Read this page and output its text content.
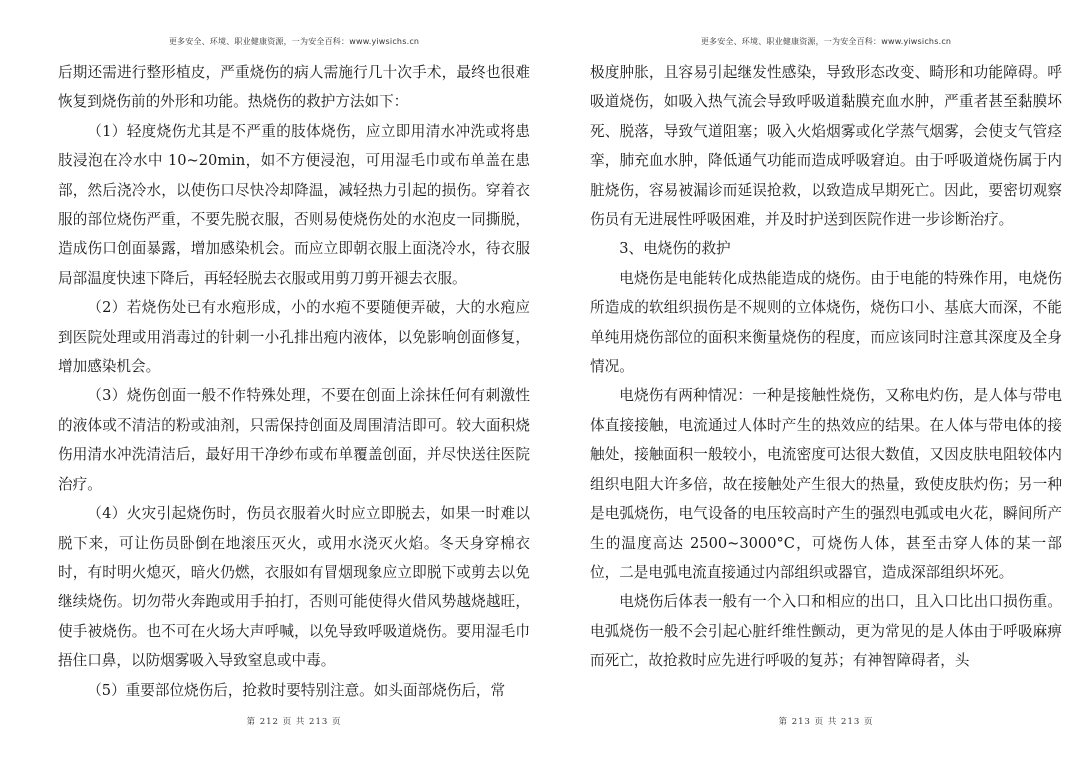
更多安全、环境、职业健康资源，一为安全百科：www.yiwsichs.cn

后期还需进行整形植皮，严重烧伤的病人需施行几十次手术，最终也很难恢复到烧伤前的外形和功能。热烧伤的救护方法如下：

（1）轻度烧伤尤其是不严重的肢体烧伤，应立即用清水冲洗或将患肢浸泡在冷水中 10~20min，如不方便浸泡，可用湿毛巾或布单盖在患部，然后浇冷水，以使伤口尽快冷却降温，减轻热力引起的损伤。穿着衣服的部位烧伤严重，不要先脱衣服，否则易使烧伤处的水泡皮一同撕脱，造成伤口创面暴露，增加感染机会。而应立即朝衣服上面浇冷水，待衣服局部温度快速下降后，再轻轻脱去衣服或用剪刀剪开褪去衣服。

（2）若烧伤处已有水疱形成，小的水疱不要随便弄破，大的水疱应到医院处理或用消毒过的针刺一小孔排出疱内液体，以免影响创面修复，增加感染机会。

（3）烧伤创面一般不作特殊处理，不要在创面上涂抹任何有刺激性的液体或不清洁的粉或油剂，只需保持创面及周围清洁即可。较大面积烧伤用清水冲洗清洁后，最好用干净纱布或布单覆盖创面，并尽快送往医院治疗。

（4）火灾引起烧伤时，伤员衣服着火时应立即脱去，如果一时难以脱下来，可让伤员卧倒在地滚压灭火，或用水浇灭火焰。冬天身穿棉衣时，有时明火熄灭，暗火仍燃，衣服如有冒烟现象应立即脱下或剪去以免继续烧伤。切勿带火奔跑或用手拍打，否则可能使得火借风势越烧越旺，使手被烧伤。也不可在火场大声呼喊，以免导致呼吸道烧伤。要用湿毛巾捂住口鼻，以防烟雾吸入导致窒息或中毒。

（5）重要部位烧伤后，抢救时要特别注意。如头面部烧伤后，常

第 212 页 共 213 页
更多安全、环境、职业健康资源，一为安全百科：www.yiwsichs.cn

极度肿胀，且容易引起继发性感染，导致形态改变、畸形和功能障碍。呼吸道烧伤，如吸入热气流会导致呼吸道黏膜充血水肿，严重者甚至黏膜坏死、脱落，导致气道阻塞；吸入火焰烟雾或化学蒸气烟雾，会使支气管痉挛，肺充血水肿，降低通气功能而造成呼吸窘迫。由于呼吸道烧伤属于内脏烧伤，容易被漏诊而延误抢救，以致造成早期死亡。因此，要密切观察伤员有无进展性呼吸困难，并及时护送到医院作进一步诊断治疗。

3、电烧伤的救护

电烧伤是电能转化成热能造成的烧伤。由于电能的特殊作用，电烧伤所造成的软组织损伤是不规则的立体烧伤，烧伤口小、基底大而深，不能单纯用烧伤部位的面积来衡量烧伤的程度，而应该同时注意其深度及全身情况。

电烧伤有两种情况：一种是接触性烧伤，又称电灼伤，是人体与带电体直接接触，电流通过人体时产生的热效应的结果。在人体与带电体的接触处，接触面积一般较小，电流密度可达很大数值，又因皮肤电阻较体内组织电阻大许多倍，故在接触处产生很大的热量，致使皮肤灼伤；另一种是电弧烧伤，电气设备的电压较高时产生的强烈电弧或电火花，瞬间所产生的温度高达 2500~3000°C，可烧伤人体，甚至击穿人体的某一部位，二是电弧电流直接通过内部组织或器官，造成深部组织坏死。

电烧伤后体表一般有一个入口和相应的出口，且入口比出口损伤重。电弧烧伤一般不会引起心脏纤维性颤动，更为常见的是人体由于呼吸麻痹而死亡，故抢救时应先进行呼吸的复苏；有神智障碍者，头

第 213 页 共 213 页
